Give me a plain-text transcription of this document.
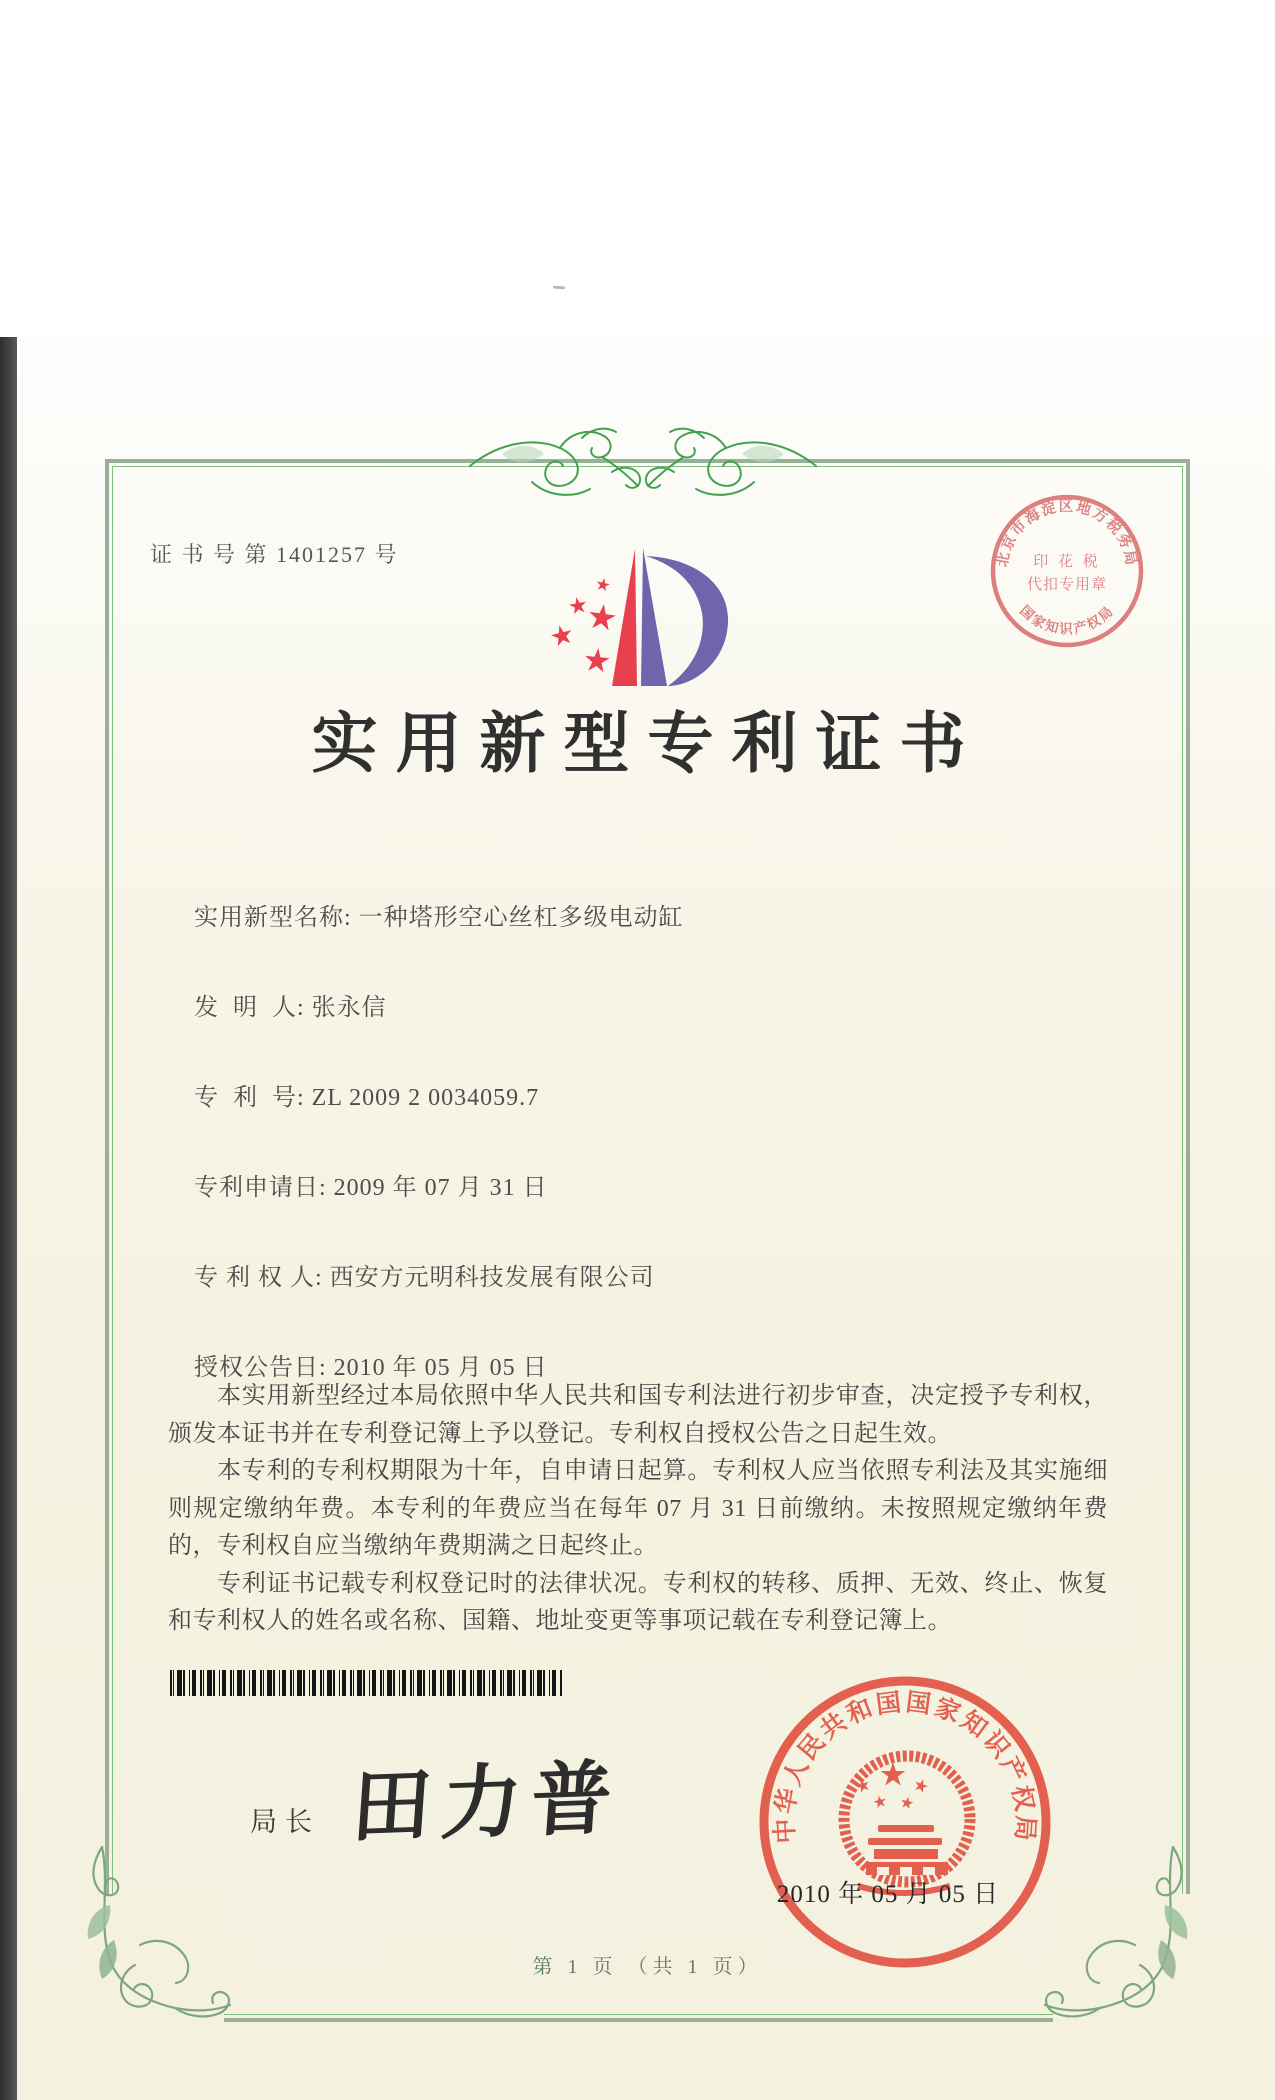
证 书 号 第 1401257 号	北京市海淀区地方税务局
国家知识产权局
印 花 税
代扣专用章
实用新型专利证书

实用新型名称: 一种塔形空心丝杠多级电动缸

发  明  人: 张永信

专  利  号: ZL 2009 2 0034059.7

专利申请日: 2009 年 07 月 31 日

专 利 权 人: 西安方元明科技发展有限公司

授权公告日: 2010 年 05 月 05 日

本实用新型经过本局依照中华人民共和国专利法进行初步审查，决定授予专利权，颁发本证书并在专利登记簿上予以登记。专利权自授权公告之日起生效。

本专利的专利权期限为十年，自申请日起算。专利权人应当依照专利法及其实施细则规定缴纳年费。本专利的年费应当在每年 07 月 31 日前缴纳。未按照规定缴纳年费的，专利权自应当缴纳年费期满之日起终止。

专利证书记载专利权登记时的法律状况。专利权的转移、质押、无效、终止、恢复和专利权人的姓名或名称、国籍、地址变更等事项记载在专利登记簿上。

局长 田力普	中华人民共和国国家知识产权局
2010 年 05 月 05 日
第 1 页 （共 1 页）
